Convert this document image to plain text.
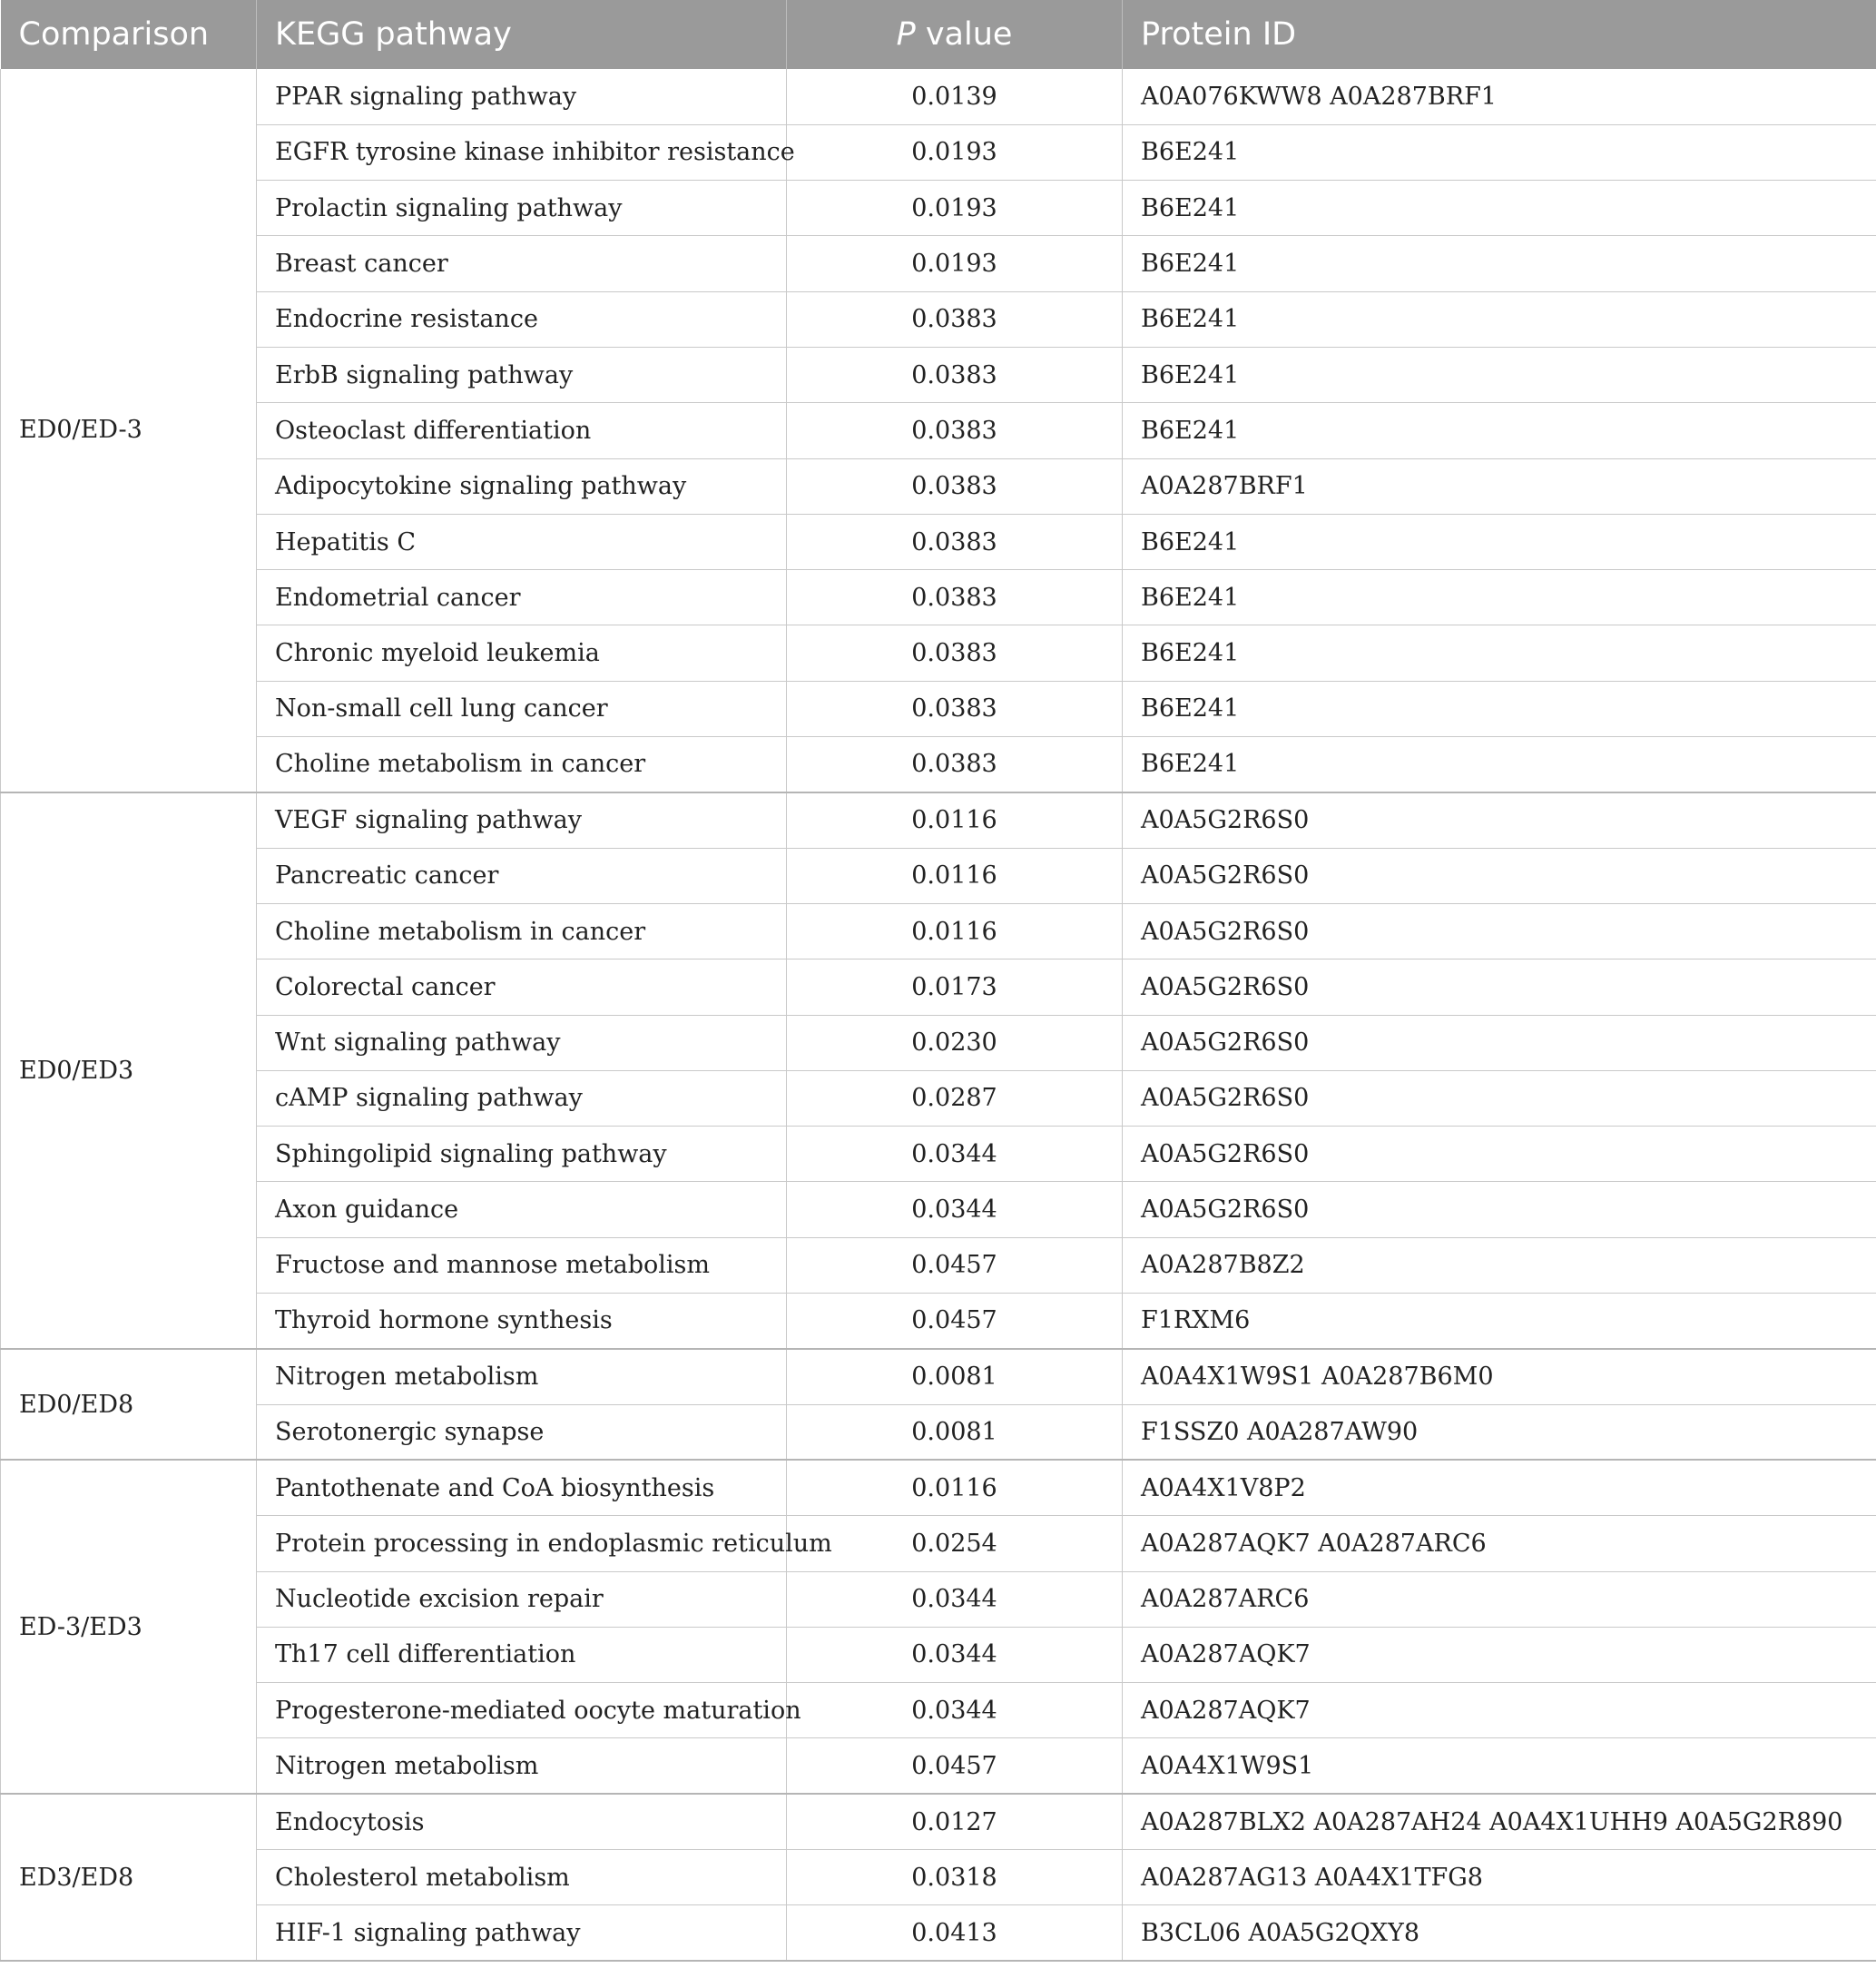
Comparison	KEGG pathway	P value	Protein ID
ED0/ED-3	PPAR signaling pathway	0.0139	A0A076KWW8 A0A287BRF1
	EGFR tyrosine kinase inhibitor resistance	0.0193	B6E241
	Prolactin signaling pathway	0.0193	B6E241
	Breast cancer	0.0193	B6E241
	Endocrine resistance	0.0383	B6E241
	ErbB signaling pathway	0.0383	B6E241
	Osteoclast differentiation	0.0383	B6E241
	Adipocytokine signaling pathway	0.0383	A0A287BRF1
	Hepatitis C	0.0383	B6E241
	Endometrial cancer	0.0383	B6E241
	Chronic myeloid leukemia	0.0383	B6E241
	Non-small cell lung cancer	0.0383	B6E241
	Choline metabolism in cancer	0.0383	B6E241
ED0/ED3	VEGF signaling pathway	0.0116	A0A5G2R6S0
	Pancreatic cancer	0.0116	A0A5G2R6S0
	Choline metabolism in cancer	0.0116	A0A5G2R6S0
	Colorectal cancer	0.0173	A0A5G2R6S0
	Wnt signaling pathway	0.0230	A0A5G2R6S0
	cAMP signaling pathway	0.0287	A0A5G2R6S0
	Sphingolipid signaling pathway	0.0344	A0A5G2R6S0
	Axon guidance	0.0344	A0A5G2R6S0
	Fructose and mannose metabolism	0.0457	A0A287B8Z2
	Thyroid hormone synthesis	0.0457	F1RXM6
ED0/ED8	Nitrogen metabolism	0.0081	A0A4X1W9S1 A0A287B6M0
	Serotonergic synapse	0.0081	F1SSZ0 A0A287AW90
ED-3/ED3	Pantothenate and CoA biosynthesis	0.0116	A0A4X1V8P2
	Protein processing in endoplasmic reticulum	0.0254	A0A287AQK7 A0A287ARC6
	Nucleotide excision repair	0.0344	A0A287ARC6
	Th17 cell differentiation	0.0344	A0A287AQK7
	Progesterone-mediated oocyte maturation	0.0344	A0A287AQK7
	Nitrogen metabolism	0.0457	A0A4X1W9S1
ED3/ED8	Endocytosis	0.0127	A0A287BLX2 A0A287AH24 A0A4X1UHH9 A0A5G2R890
	Cholesterol metabolism	0.0318	A0A287AG13 A0A4X1TFG8
	HIF-1 signaling pathway	0.0413	B3CL06 A0A5G2QXY8
